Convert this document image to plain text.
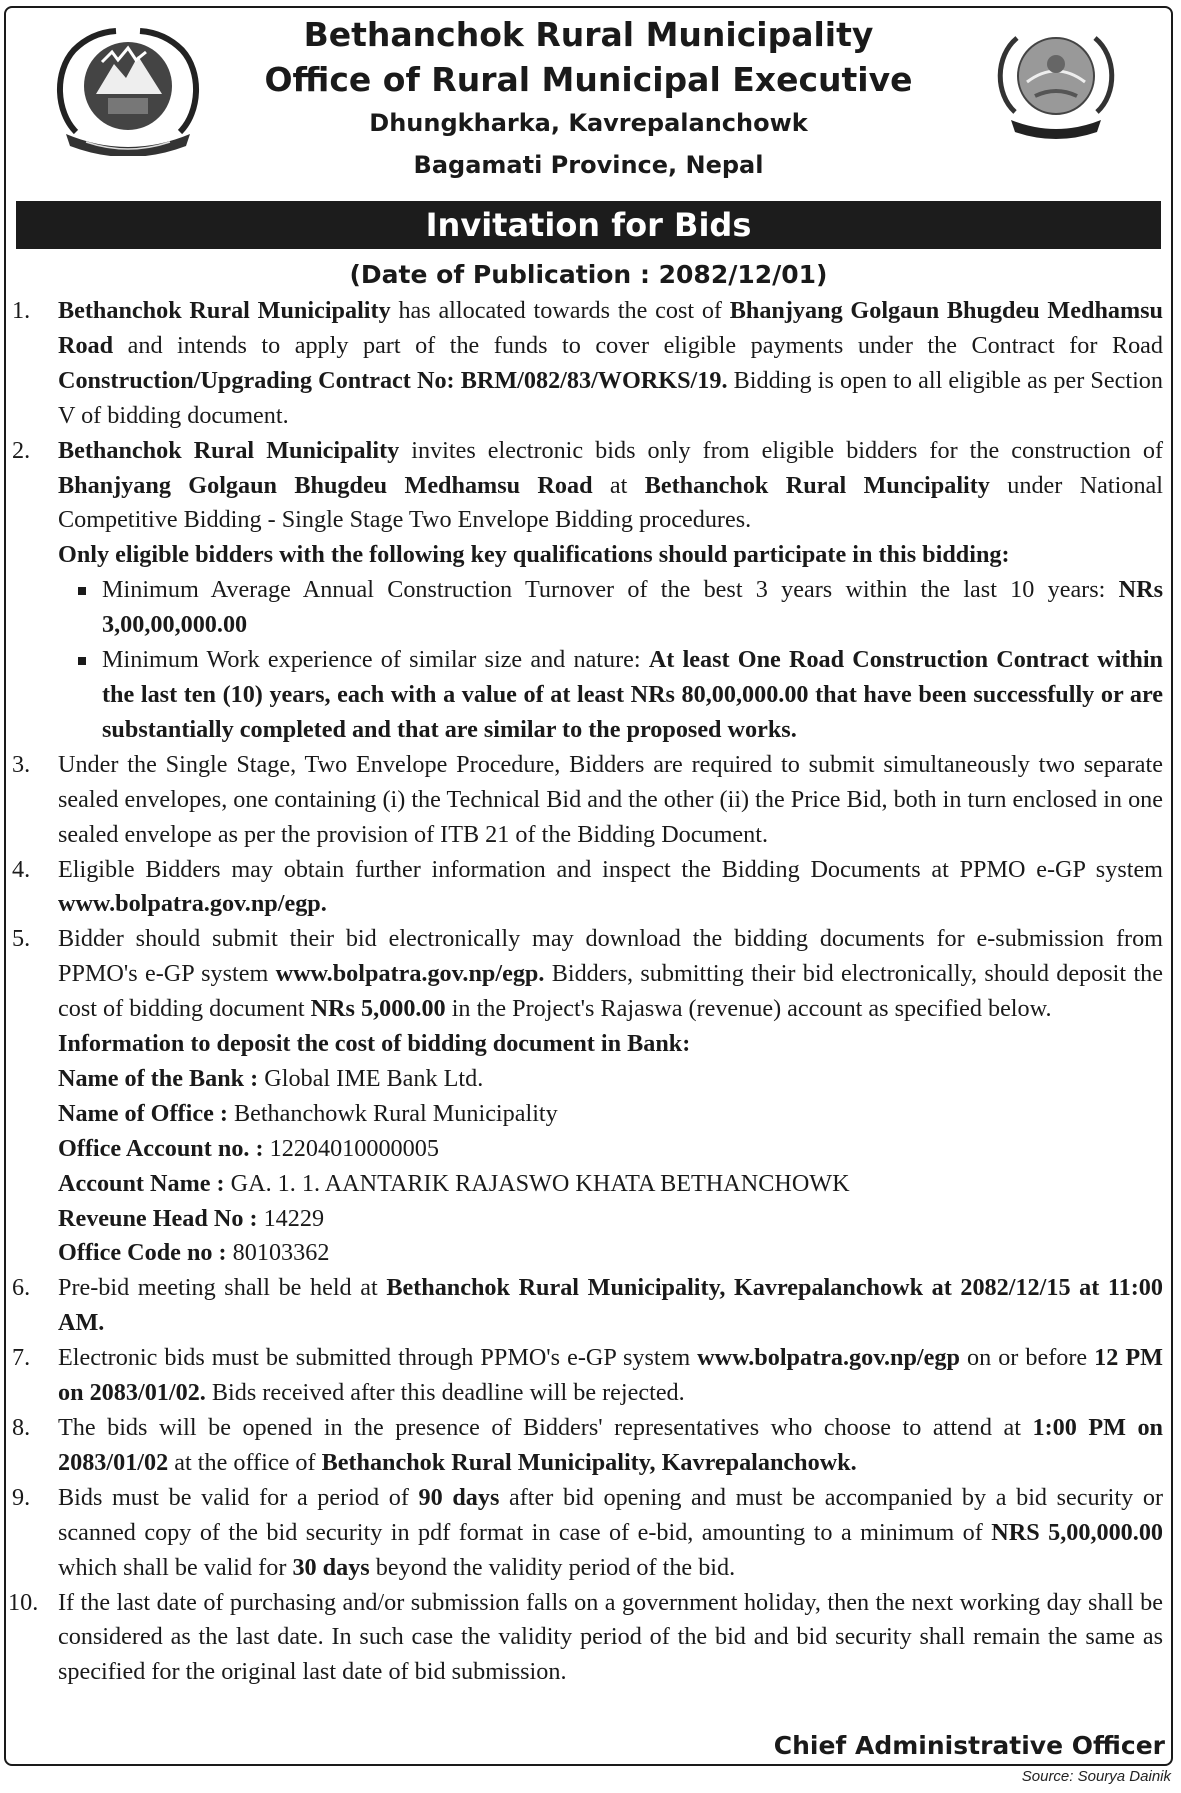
Bethanchok Rural Municipality
Office of Rural Municipal Executive
Dhungkharka, Kavrepalanchowk
Bagamati Province, Nepal
Invitation for Bids
(Date of Publication : 2082/12/01)
1. Bethanchok Rural Municipality has allocated towards the cost of Bhanjyang Golgaun Bhugdeu Medhamsu Road and intends to apply part of the funds to cover eligible payments under the Contract for Road Construction/Upgrading Contract No: BRM/082/83/WORKS/19. Bidding is open to all eligible as per Section V of bidding document.
2. Bethanchok Rural Municipality invites electronic bids only from eligible bidders for the construction of Bhanjyang Golgaun Bhugdeu Medhamsu Road at Bethanchok Rural Muncipality under National Competitive Bidding - Single Stage Two Envelope Bidding procedures.
Only eligible bidders with the following key qualifications should participate in this bidding:
Minimum Average Annual Construction Turnover of the best 3 years within the last 10 years: NRs 3,00,00,000.00
Minimum Work experience of similar size and nature: At least One Road Construction Contract within the last ten (10) years, each with a value of at least NRs 80,00,000.00 that have been successfully or are substantially completed and that are similar to the proposed works.
3. Under the Single Stage, Two Envelope Procedure, Bidders are required to submit simultaneously two separate sealed envelopes, one containing (i) the Technical Bid and the other (ii) the Price Bid, both in turn enclosed in one sealed envelope as per the provision of ITB 21 of the Bidding Document.
4. Eligible Bidders may obtain further information and inspect the Bidding Documents at PPMO e-GP system www.bolpatra.gov.np/egp.
5. Bidder should submit their bid electronically may download the bidding documents for e-submission from PPMO's e-GP system www.bolpatra.gov.np/egp. Bidders, submitting their bid electronically, should deposit the cost of bidding document NRs 5,000.00 in the Project's Rajaswa (revenue) account as specified below.
Information to deposit the cost of bidding document in Bank:
Name of the Bank : Global IME Bank Ltd.
Name of Office : Bethanchowk Rural Municipality
Office Account no. : 12204010000005
Account Name : GA. 1. 1. AANTARIK RAJASWO KHATA BETHANCHOWK
Reveune Head No : 14229
Office Code no : 80103362
6. Pre-bid meeting shall be held at Bethanchok Rural Municipality, Kavrepalanchowk at 2082/12/15 at 11:00 AM.
7. Electronic bids must be submitted through PPMO's e-GP system www.bolpatra.gov.np/egp on or before 12 PM on 2083/01/02. Bids received after this deadline will be rejected.
8. The bids will be opened in the presence of Bidders' representatives who choose to attend at 1:00 PM on 2083/01/02 at the office of Bethanchok Rural Municipality, Kavrepalanchowk.
9. Bids must be valid for a period of 90 days after bid opening and must be accompanied by a bid security or scanned copy of the bid security in pdf format in case of e-bid, amounting to a minimum of NRS 5,00,000.00 which shall be valid for 30 days beyond the validity period of the bid.
10. If the last date of purchasing and/or submission falls on a government holiday, then the next working day shall be considered as the last date. In such case the validity period of the bid and bid security shall remain the same as specified for the original last date of bid submission.
Chief Administrative Officer
Source: Sourya Dainik
